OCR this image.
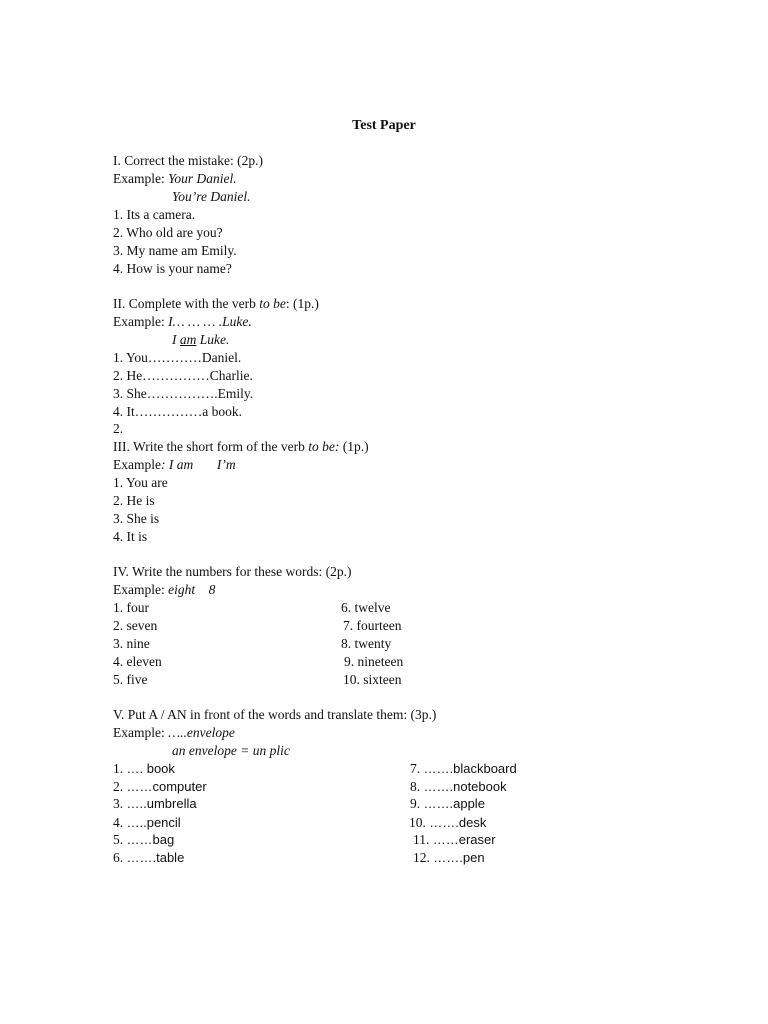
Test Paper
I. Correct the mistake: (2p.)
Example: Your Daniel.
You’re Daniel.
1. Its a camera.
2. Who old are you?
3. My name am Emily.
4. How is your name?
II. Complete with the verb to be: (1p.)
Example: I… … … .Luke.
I am Luke.
1. You…………Daniel.
2. He……………Charlie.
3. She…………….Emily.
4. It……………a book.
2.
III. Write the short form of the verb to be: (1p.)
Example: I am       I’m
1. You are
2. He is
3. She is
4. It is
IV. Write the numbers for these words: (2p.)
Example: eight    8
1. four
2. seven
3. nine
4. eleven
5. five
6. twelve
7. fourteen
8. twenty
9. nineteen
10. sixteen
V. Put A / AN in front of the words and translate them: (3p.)
Example: …..envelope
an envelope = un plic
1. …. book
2. ……computer
3. …..umbrella
4. …..pencil
5. ……bag
6. …….table
7. …….blackboard
8. …….notebook
9. …….apple
10. …….desk
11. ……eraser
12. …….pen
